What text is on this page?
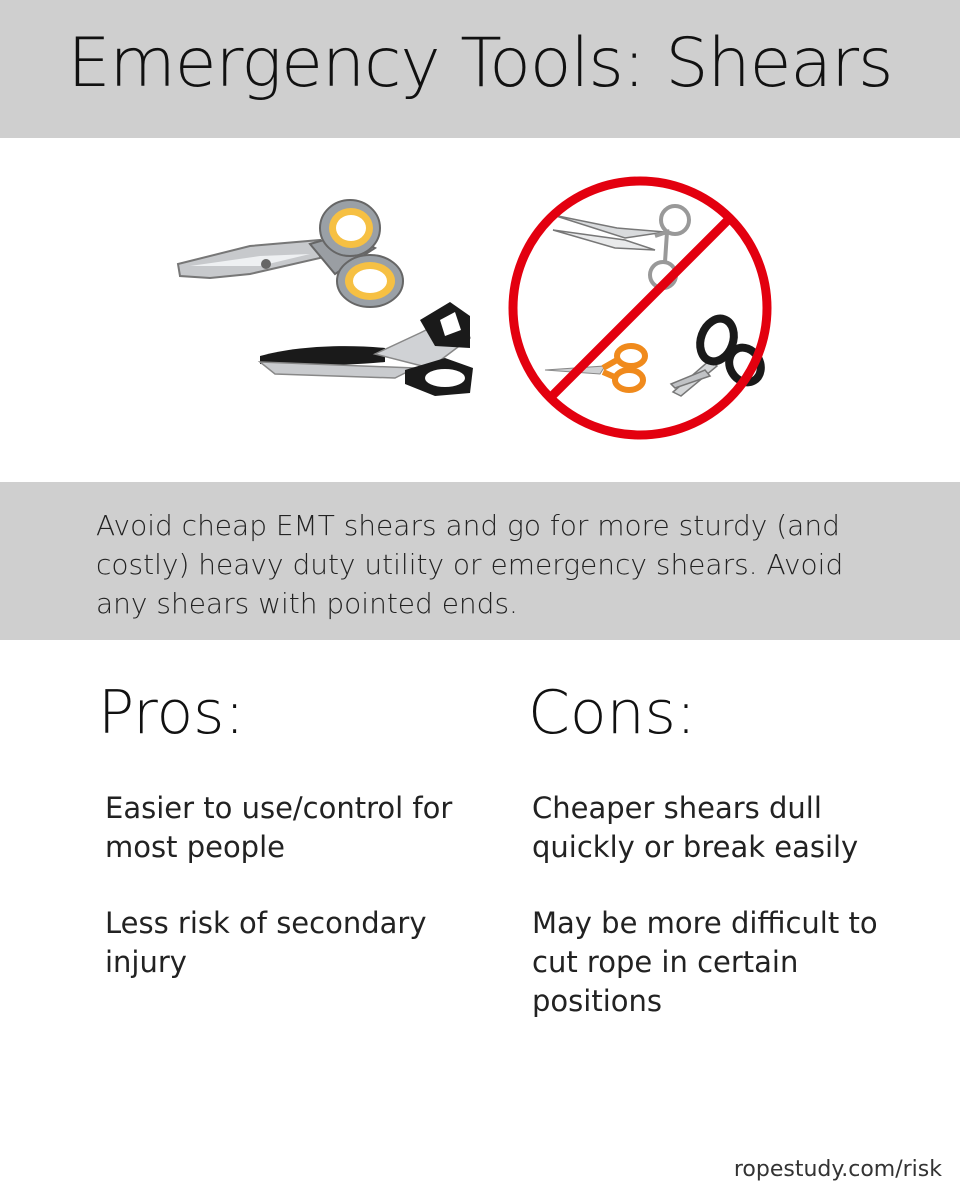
Emergency Tools: Shears
Avoid cheap EMT shears and go for more sturdy (and costly) heavy duty utility or emergency shears. Avoid any shears with pointed ends.
Pros:	Cons:
Easier to use/control for most people
Less risk of secondary injury
Cheaper shears dull quickly or break easily
May be more difficult to cut rope in certain positions
ropestudy.com/risk
